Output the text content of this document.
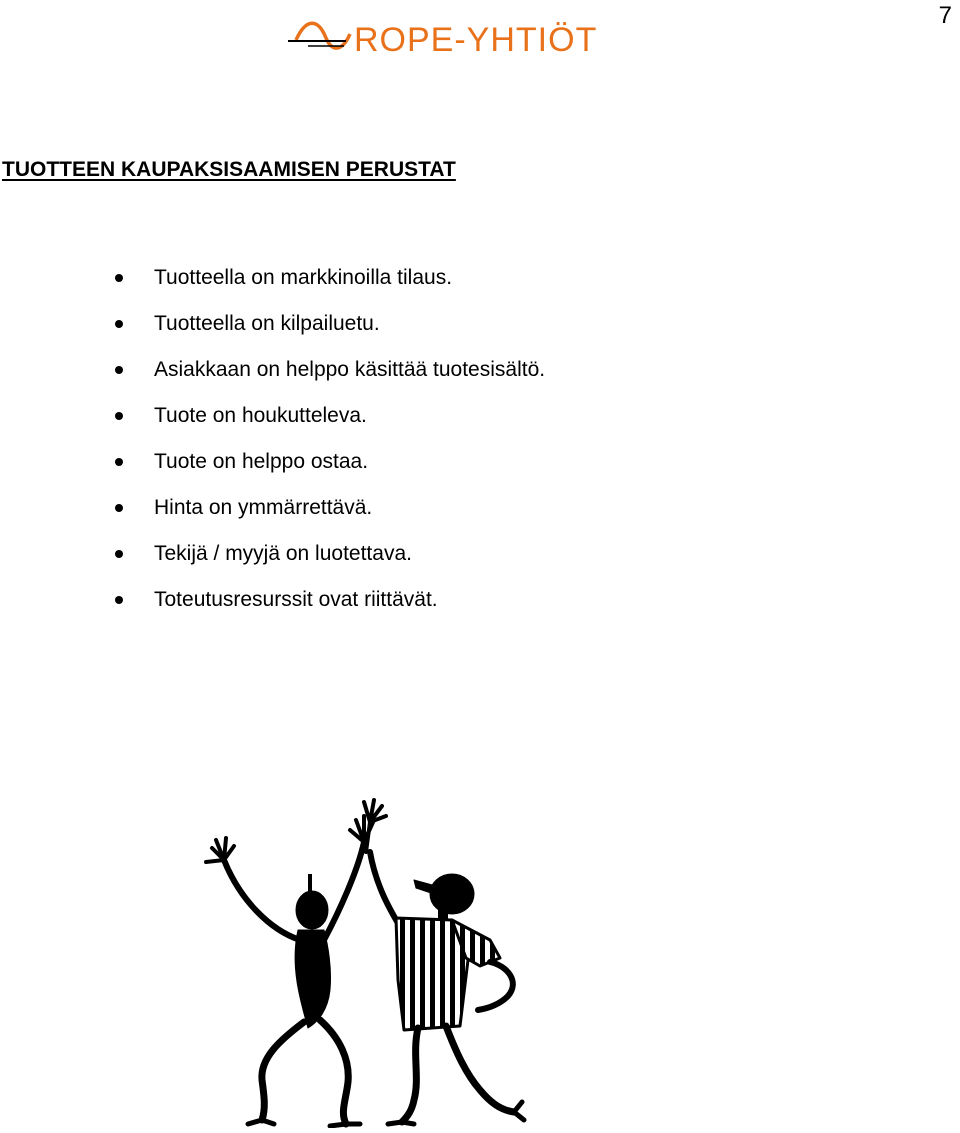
7
ROPE-YHTIÖT
TUOTTEEN KAUPAKSISAAMISEN PERUSTAT
Tuotteella on markkinoilla tilaus.
Tuotteella on kilpailuetu.
Asiakkaan on helppo käsittää tuotesisältö.
Tuote on houkutteleva.
Tuote on helppo ostaa.
Hinta on ymmärrettävä.
Tekijä / myyjä on luotettava.
Toteutusresurssit ovat riittävät.
